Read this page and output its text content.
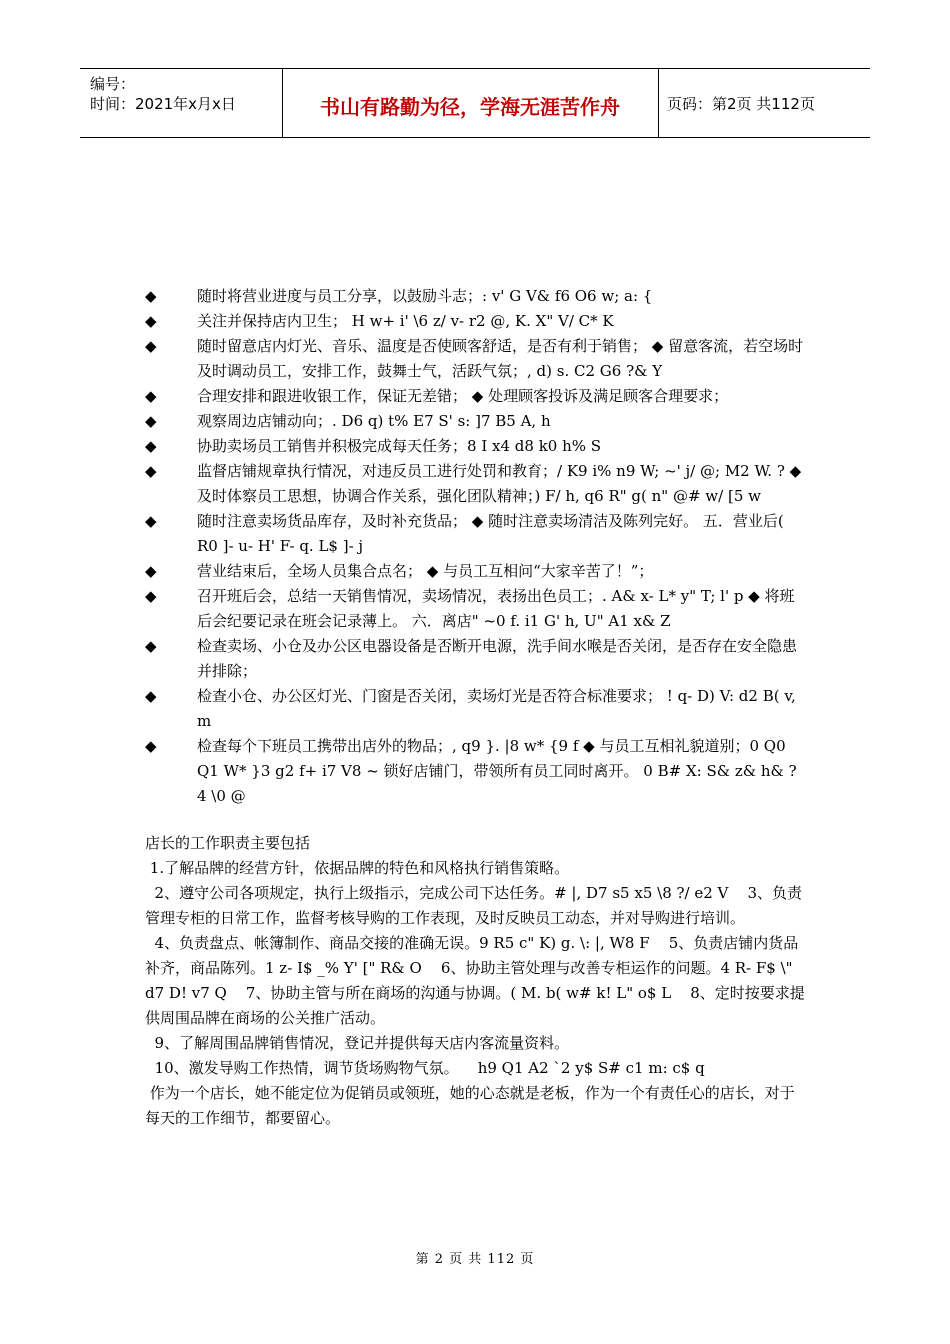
编号：
时间：2021年x月x日	书山有路勤为径，学海无涯苦作舟	页码：第2页 共112页
◆	随时将营业进度与员工分享，以鼓励斗志；: v' G V& f6 O6 w; a: {
◆	关注并保持店内卫生； H w+ i' \6 z/ v- r2 @, K. X" V/ C* K
◆	随时留意店内灯光、音乐、温度是否使顾客舒适，是否有利于销售； ◆ 留意客流，若空场时及时调动员工，安排工作，鼓舞士气，活跃气氛；, d) s. C2 G6 ?& Y
◆	合理安排和跟进收银工作，保证无差错； ◆ 处理顾客投诉及满足顾客合理要求；
◆	观察周边店铺动向；. D6 q) t% E7 S' s: ]7 B5 A, h
◆	协助卖场员工销售并积极完成每天任务；8 I x4 d8 k0 h% S
◆	监督店铺规章执行情况，对违反员工进行处罚和教育；/ K9 i% n9 W; ~' j/ @; M2 W. ? ◆ 及时体察员工思想，协调合作关系，强化团队精神；) F/ h, q6 R" g( n" @# w/ [5 w
◆	随时注意卖场货品库存，及时补充货品； ◆ 随时注意卖场清洁及陈列完好。 五．营业后( R0 ]- u- H' F- q. L$ ]- j
◆	营业结束后，全场人员集合点名； ◆ 与员工互相问“大家辛苦了！”；
◆	召开班后会，总结一天销售情况，卖场情况，表扬出色员工；. A& x- L* y" T; l' p ◆ 将班后会纪要记录在班会记录薄上。 六．离店" ~0 f. i1 G' h, U" A1 x& Z
◆	检查卖场、小仓及办公区电器设备是否断开电源，洗手间水喉是否关闭，是否存在安全隐患并排除；
◆	检查小仓、办公区灯光、门窗是否关闭，卖场灯光是否符合标准要求； ! q- D) V: d2 B( v, m
◆	检查每个下班员工携带出店外的物品；, q9 }. |8 w* {9 f ◆ 与员工互相礼貌道别；0 Q0 Q1 W* }3 g2 f+ i7 V8 ~ 锁好店铺门，带领所有员工同时离开。 0 B# X: S& z& h& ?4 \0 @
店长的工作职责主要包括
1.了解品牌的经营方针，依据品牌的特色和风格执行销售策略。
2、遵守公司各项规定，执行上级指示，完成公司下达任务。# |, D7 s5 x5 \8 ?/ e2 V    3、负责管理专柜的日常工作，监督考核导购的工作表现，及时反映员工动态，并对导购进行培训。
4、负责盘点、帐簿制作、商品交接的准确无误。9 R5 c" K) g. \: |, W8 F    5、负责店铺内货品补齐，商品陈列。1 z- I$ _% Y' [" R& O    6、协助主管处理与改善专柜运作的问题。4 R- F$ \" d7 D! v7 Q    7、协助主管与所在商场的沟通与协调。( M. b( w# k! L" o$ L    8、定时按要求提供周围品牌在商场的公关推广活动。
9、了解周围品牌销售情况，登记并提供每天店内客流量资料。
10、激发导购工作热情，调节货场购物气氛。    h9 Q1 A2 `2 y$ S# c1 m: c$ q
作为一个店长，她不能定位为促销员或领班，她的心态就是老板，作为一个有责任心的店长，对于每天的工作细节，都要留心。
第 2 页 共 112 页
